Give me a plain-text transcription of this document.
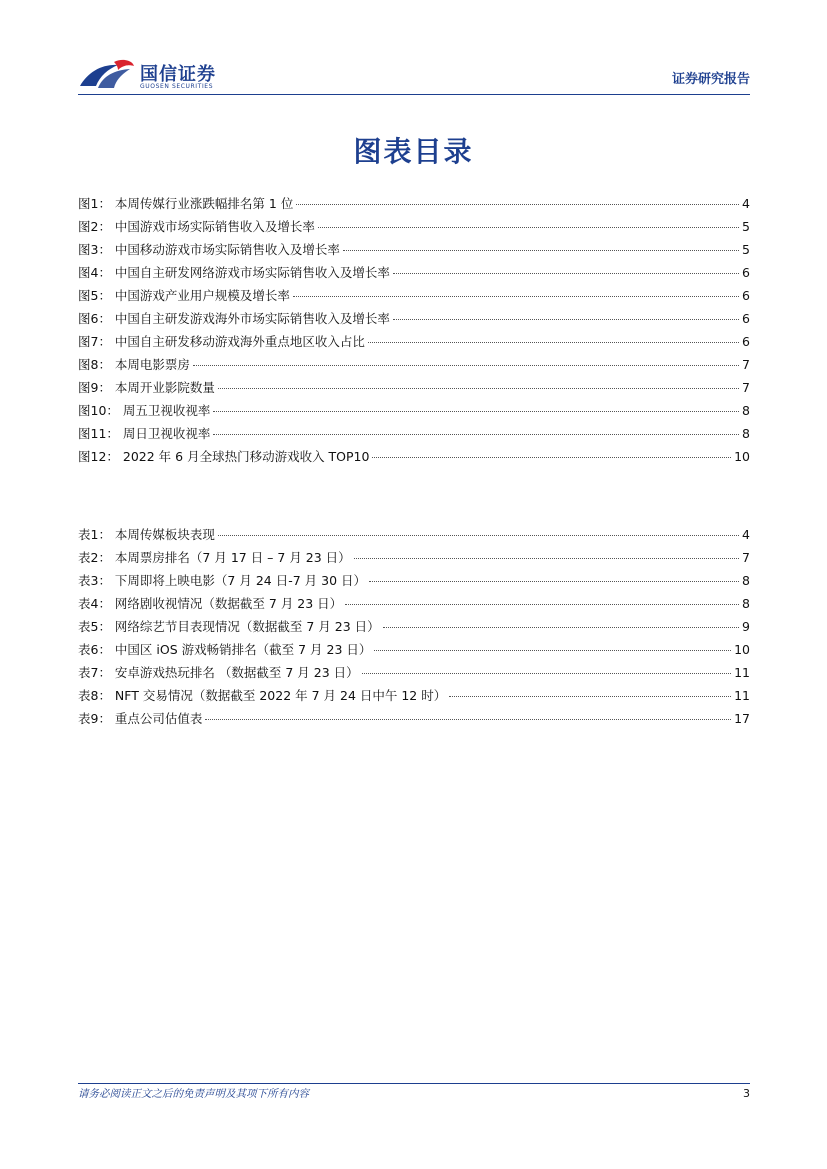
国信证券
GUOSEN SECURITIES	证券研究报告
图表目录
图1： 本周传媒行业涨跌幅排名第 1 位	4
图2： 中国游戏市场实际销售收入及增长率	5
图3： 中国移动游戏市场实际销售收入及增长率	5
图4： 中国自主研发网络游戏市场实际销售收入及增长率	6
图5： 中国游戏产业用户规模及增长率	6
图6： 中国自主研发游戏海外市场实际销售收入及增长率	6
图7： 中国自主研发移动游戏海外重点地区收入占比	6
图8： 本周电影票房	7
图9： 本周开业影院数量	7
图10： 周五卫视收视率	8
图11： 周日卫视收视率	8
图12： 2022 年 6 月全球热门移动游戏收入 TOP10	10
表1： 本周传媒板块表现	4
表2： 本周票房排名（7 月 17 日 – 7 月 23 日）	7
表3： 下周即将上映电影（7 月 24 日-7 月 30 日）	8
表4： 网络剧收视情况（数据截至 7 月 23 日）	8
表5： 网络综艺节目表现情况（数据截至 7 月 23 日）	9
表6： 中国区 iOS 游戏畅销排名（截至 7 月 23 日）	10
表7： 安卓游戏热玩排名 （数据截至 7 月 23 日）	11
表8： NFT 交易情况（数据截至 2022 年 7 月 24 日中午 12 时）	11
表9： 重点公司估值表	17
请务必阅读正文之后的免责声明及其项下所有内容	3
